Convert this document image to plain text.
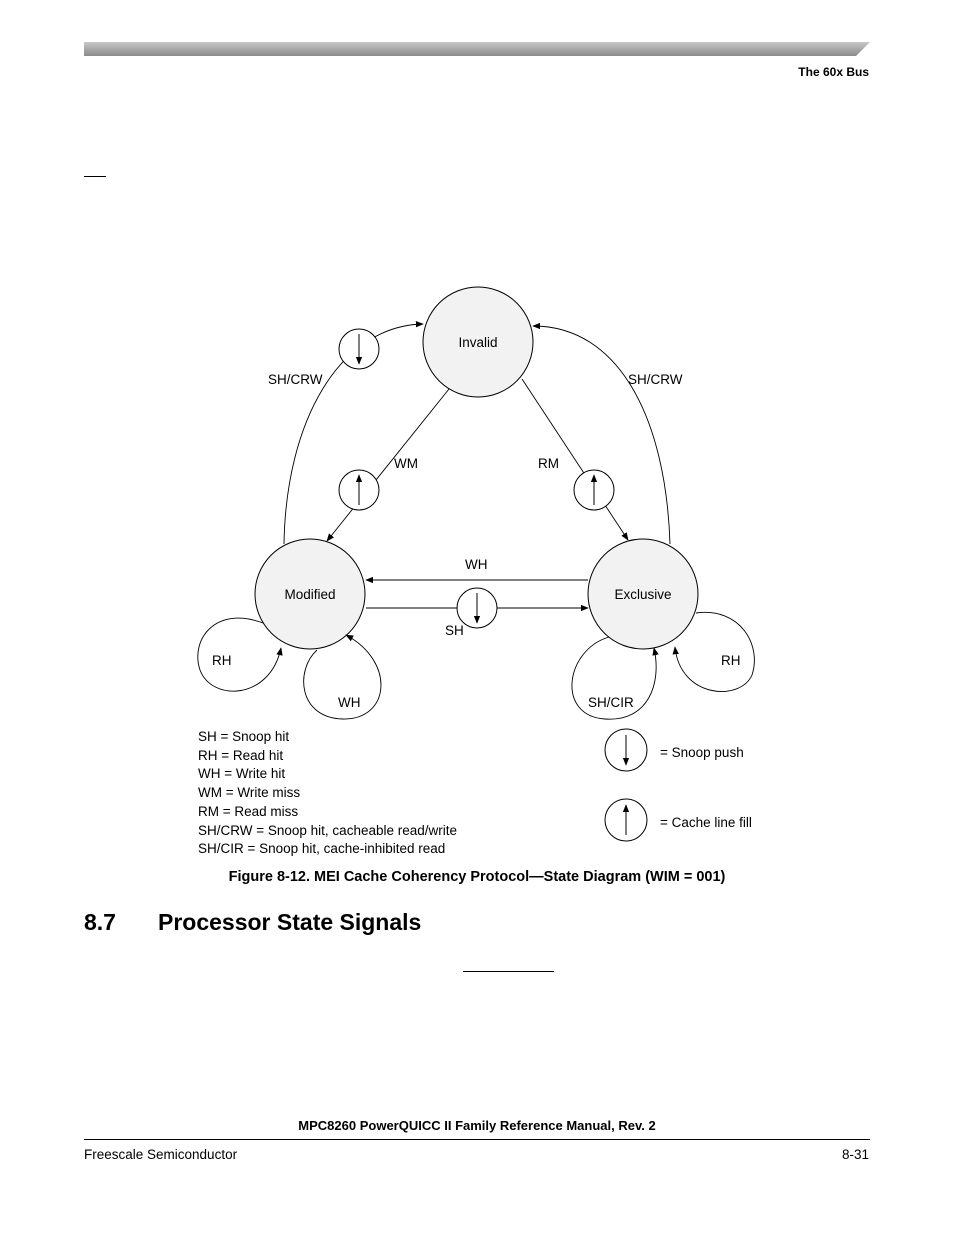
The 60x Bus
Invalid
Modified	Exclusive
SH/CRW	SH/CRW
WM	RM
WH
SH
RH
WH	SH/CIR
RH
= Snoop push
= Cache line fill
SH = Snoop hit
RH = Read hit
WH = Write hit
WM = Write miss
RM = Read miss
SH/CRW = Snoop hit, cacheable read/write
SH/CIR = Snoop hit, cache-inhibited read
Figure 8-12. MEI Cache Coherency Protocol—State Diagram (WIM = 001)
8.7 Processor State Signals
MPC8260 PowerQUICC II Family Reference Manual, Rev. 2
Freescale Semiconductor	8-31
